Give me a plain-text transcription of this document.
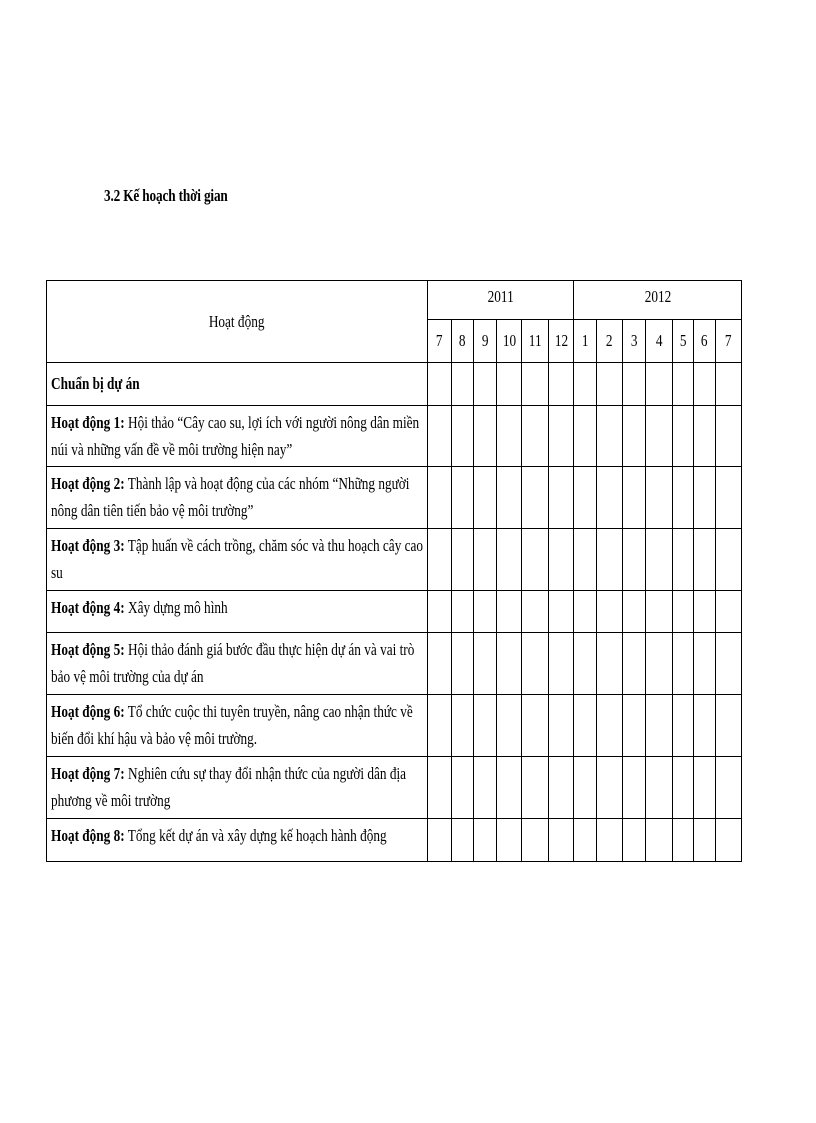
3.2 Kế hoạch thời gian
Hoạt động	2011						2012						
	7	8	9	10	11	12	1	2	3	4	5	6	7

Chuẩn bị dự án													

Hoạt động 1: Hội thảo “Cây cao su, lợi ích với người nông dân miền núi và những vấn đề về môi trường hiện nay”													

Hoạt động 2: Thành lập và hoạt động của các nhóm “Những người nông dân tiên tiến bảo vệ môi trường”													

Hoạt động 3: Tập huấn về cách trồng, chăm sóc và thu hoạch cây cao su													

Hoạt động 4: Xây dựng mô hình													

Hoạt động 5: Hội thảo đánh giá bước đầu thực hiện dự án và vai trò bảo vệ môi trường của dự án													

Hoạt động 6: Tổ chức cuộc thi tuyên truyền, nâng cao nhận thức về biến đổi khí hậu và bảo vệ môi trường.													

Hoạt động 7: Nghiên cứu sự thay đổi nhận thức của người dân địa phương về môi trường													

Hoạt động 8: Tổng kết dự án và xây dựng kế hoạch hành động													
